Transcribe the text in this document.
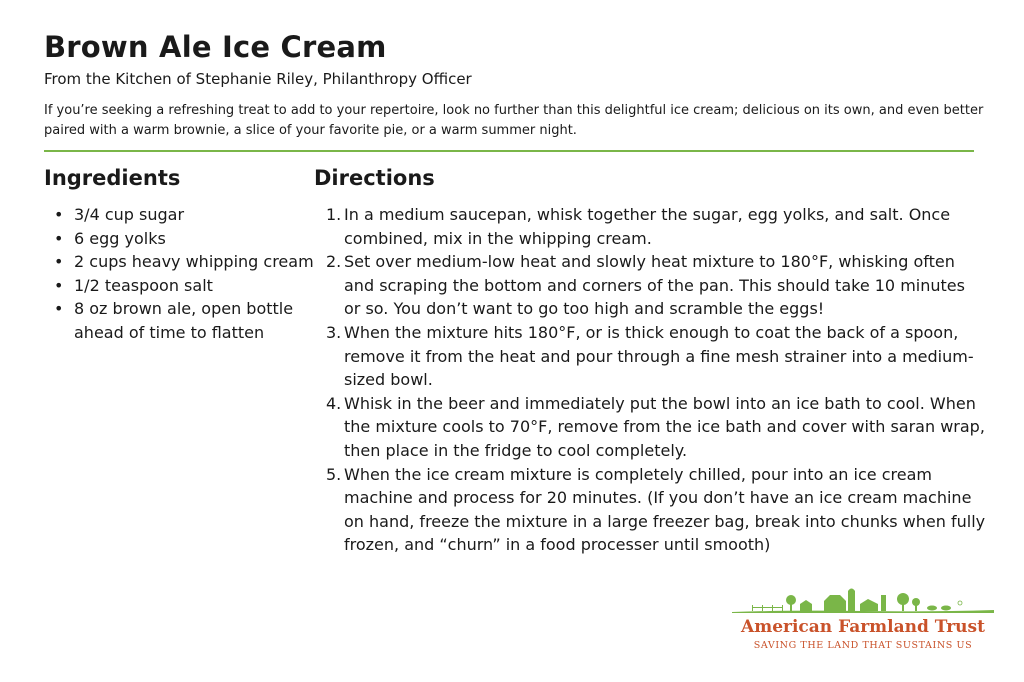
Brown Ale Ice Cream
From the Kitchen of Stephanie Riley, Philanthropy Officer
If you’re seeking a refreshing treat to add to your repertoire, look no further than this delightful ice cream; delicious on its own, and even better paired with a warm brownie, a slice of your favorite pie, or a warm summer night.
Ingredients
• 3/4 cup sugar
• 6 egg yolks
• 2 cups heavy whipping cream
• 1/2 teaspoon salt
• 8 oz brown ale, open bottle ahead of time to flatten
Directions
1. In a medium saucepan, whisk together the sugar, egg yolks, and salt. Once combined, mix in the whipping cream.
2. Set over medium-low heat and slowly heat mixture to 180°F, whisking often and scraping the bottom and corners of the pan. This should take 10 minutes or so. You don’t want to go too high and scramble the eggs!
3. When the mixture hits 180°F, or is thick enough to coat the back of a spoon, remove it from the heat and pour through a fine mesh strainer into a medium-sized bowl.
4. Whisk in the beer and immediately put the bowl into an ice bath to cool. When the mixture cools to 70°F, remove from the ice bath and cover with saran wrap, then place in the fridge to cool completely.
5. When the ice cream mixture is completely chilled, pour into an ice cream machine and process for 20 minutes. (If you don’t have an ice cream machine on hand, freeze the mixture in a large freezer bag, break into chunks when fully frozen, and “churn” in a food processer until smooth)
American Farmland Trust
SAVING THE LAND THAT SUSTAINS US
